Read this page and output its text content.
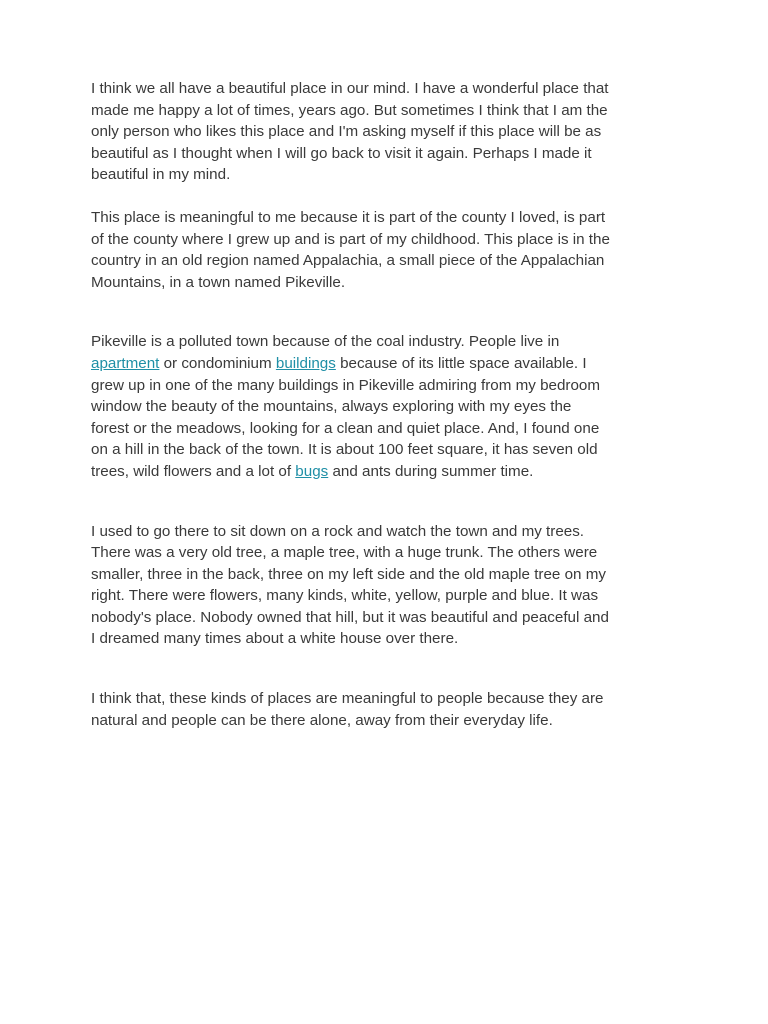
I think we all have a beautiful place in our mind. I have a wonderful place that
made me happy a lot of times, years ago. But sometimes I think that I am the
only person who likes this place and I'm asking myself if this place will be as
beautiful as I thought when I will go back to visit it again. Perhaps I made it
beautiful in my mind.
This place is meaningful to me because it is part of the county I loved, is part
of the county where I grew up and is part of my childhood. This place is in the
country in an old region named Appalachia, a small piece of the Appalachian
Mountains, in a town named Pikeville.
Pikeville is a polluted town because of the coal industry. People live in
apartment or condominium buildings because of its little space available. I
grew up in one of the many buildings in Pikeville admiring from my bedroom
window the beauty of the mountains, always exploring with my eyes the
forest or the meadows, looking for a clean and quiet place. And, I found one
on a hill in the back of the town. It is about 100 feet square, it has seven old
trees, wild flowers and a lot of bugs and ants during summer time.
I used to go there to sit down on a rock and watch the town and my trees.
There was a very old tree, a maple tree, with a huge trunk. The others were
smaller, three in the back, three on my left side and the old maple tree on my
right. There were flowers, many kinds, white, yellow, purple and blue. It was
nobody's place. Nobody owned that hill, but it was beautiful and peaceful and
I dreamed many times about a white house over there.
I think that, these kinds of places are meaningful to people because they are
natural and people can be there alone, away from their everyday life.
